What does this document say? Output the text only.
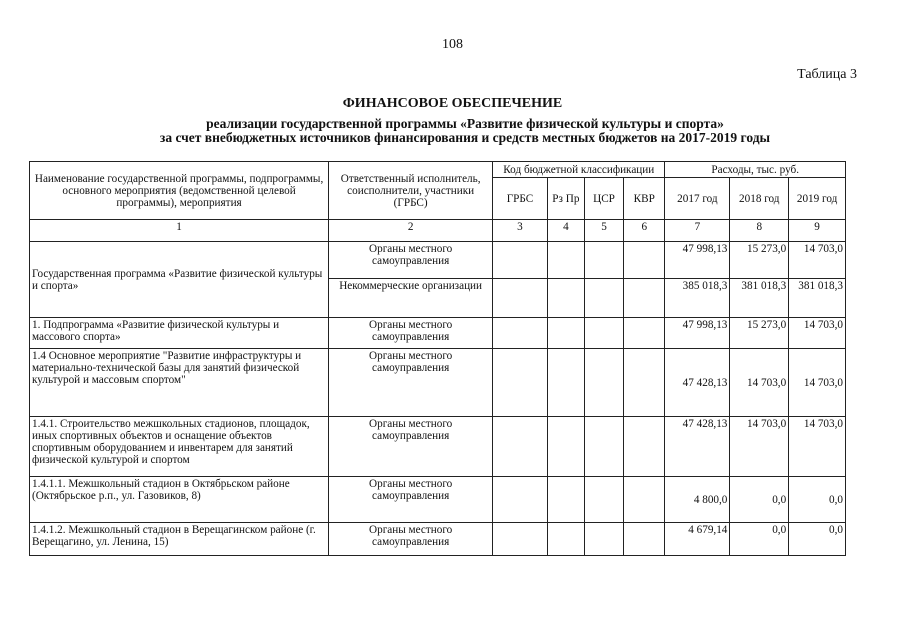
108
Таблица 3
ФИНАНСОВОЕ ОБЕСПЕЧЕНИЕ
реализации государственной программы «Развитие физической культуры и спорта»
за счет внебюджетных источников финансирования и средств местных бюджетов на 2017-2019 годы
Наименование государственной программы, подпрограммы, основного мероприятия (ведомственной целевой программы), мероприятия	Ответственный исполнитель, соисполнители, участники (ГРБС)	Код бюджетной классификации				Расходы, тыс. руб.		
		ГРБС	Рз Пр	ЦСР	КВР	2017 год	2018 год	2019 год
1	2	3	4	5	6	7	8	9
Государственная программа «Развитие физической культуры и спорта»	Органы местного самоуправления					47 998,13	15 273,0	14 703,0
	Некоммерческие организации					385 018,3	381 018,3	381 018,3
1. Подпрограмма «Развитие физической культуры и массового спорта»	Органы местного самоуправления					47 998,13	15 273,0	14 703,0
1.4 Основное мероприятие "Развитие инфраструктуры и материально-технической базы для занятий физической культурой и массовым спортом"	Органы местного самоуправления					47 428,13	14 703,0	14 703,0
1.4.1. Строительство межшкольных стадионов, площадок, иных спортивных объектов и оснащение объектов спортивным оборудованием и инвентарем для занятий физической культурой и спортом	Органы местного самоуправления					47 428,13	14 703,0	14 703,0
1.4.1.1. Межшкольный стадион в Октябрьском районе (Октябрьское р.п., ул. Газовиков, 8)	Органы местного самоуправления					4 800,0	0,0	0,0
1.4.1.2. Межшкольный стадион в Верещагинском районе (г. Верещагино, ул. Ленина, 15)	Органы местного самоуправления					4 679,14	0,0	0,0
